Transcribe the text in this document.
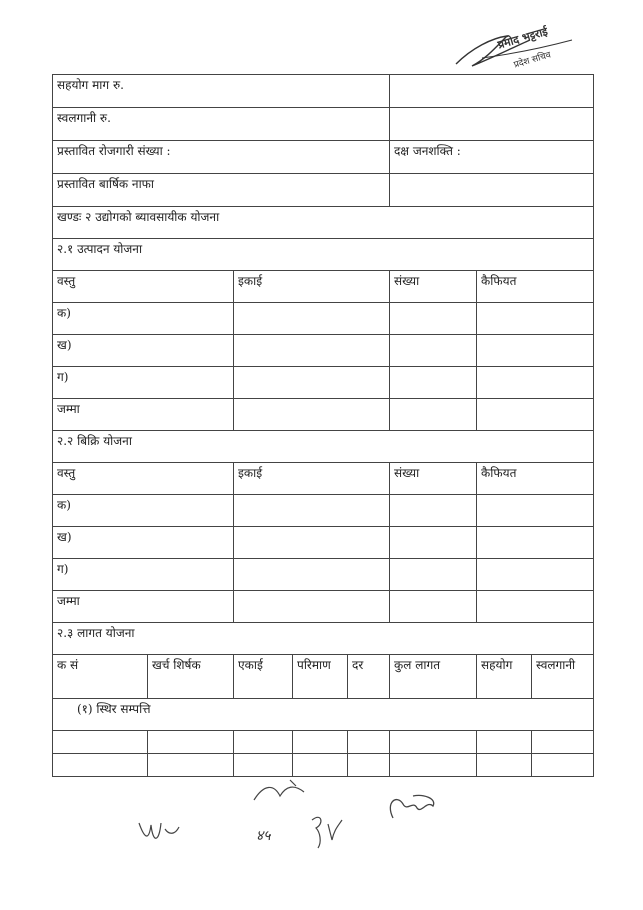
प्रमोद भट्टराई
प्रदेश सचिव
सहयोग माग रु.							
स्वलगानी रु.							
प्रस्तावित रोजगारी संख्या :					दक्ष जनशक्ति :		
प्रस्तावित बार्षिक नाफा							
खण्डः २ उद्योगको ब्यावसायीक योजना							
२.१ उत्पादन योजना							
वस्तु		इकाई			संख्या	कैफियत	
क)							
ख)							
ग)							
जम्मा							
२.२ बिक्रि योजना							
वस्तु		इकाई			संख्या	कैफियत	
क)							
ख)							
ग)							
जम्मा							
२.३ लागत योजना							
क सं	खर्च शिर्षक	एकाई	परिमाण	दर	कुल लागत	सहयोग	स्वलगानी
(१) स्थिर सम्पत्ति							

४५
